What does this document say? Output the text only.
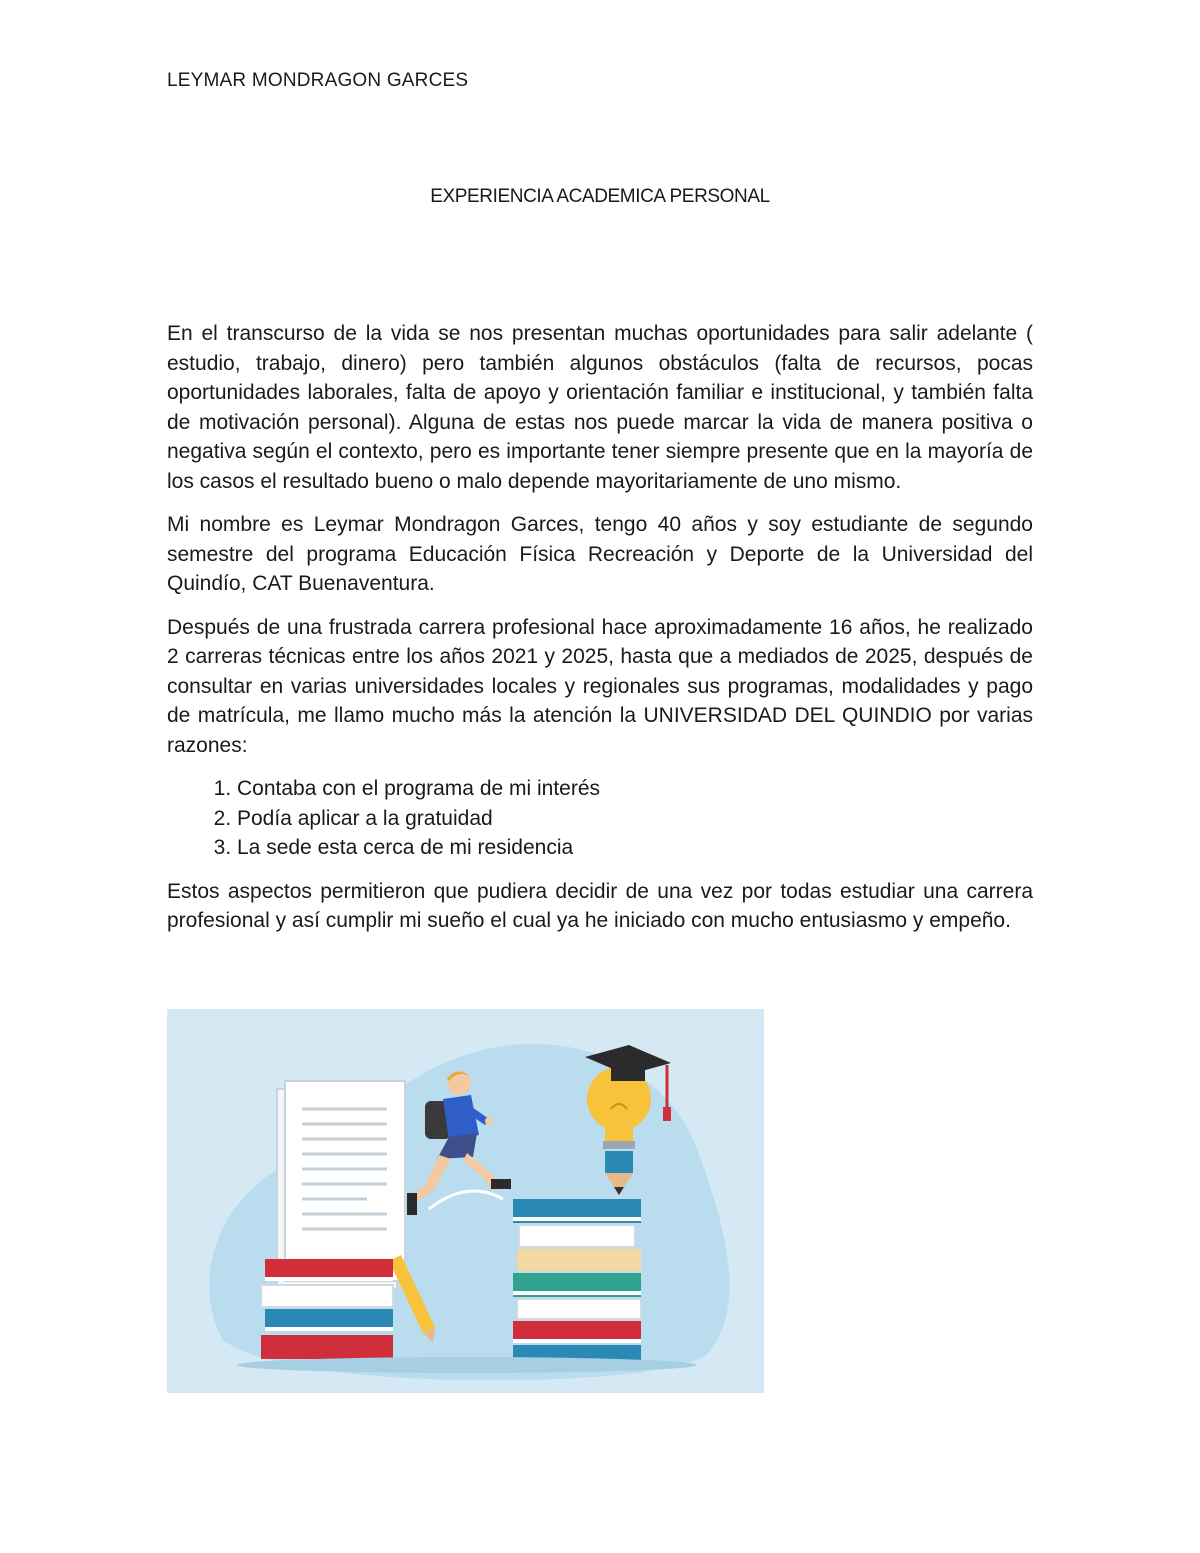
LEYMAR MONDRAGON GARCES
EXPERIENCIA ACADEMICA PERSONAL

En el transcurso de la vida se nos presentan muchas oportunidades para salir adelante ( estudio, trabajo, dinero) pero también algunos obstáculos (falta de recursos, pocas oportunidades laborales, falta de apoyo y orientación familiar e institucional, y también falta de motivación personal). Alguna de estas nos puede marcar la vida de manera positiva o negativa según el contexto, pero es importante tener siempre presente que en la mayoría de los casos el resultado bueno o malo depende mayoritariamente de uno mismo.

Mi nombre es Leymar Mondragon Garces, tengo 40 años y soy estudiante de segundo semestre del programa Educación Física Recreación y Deporte de la Universidad del Quindío, CAT Buenaventura.

Después de una frustrada carrera profesional hace aproximadamente 16 años, he realizado 2 carreras técnicas entre los años 2021 y 2025, hasta que a mediados de 2025, después de consultar en varias universidades locales y regionales sus programas, modalidades y pago de matrícula, me llamo mucho más la atención la UNIVERSIDAD DEL QUINDIO por varias razones:

1. Contaba con el programa de mi interés
2. Podía aplicar a la gratuidad
3. La sede esta cerca de mi residencia

Estos aspectos permitieron que pudiera decidir de una vez por todas estudiar una carrera profesional y así cumplir mi sueño el cual ya he iniciado con mucho entusiasmo y empeño.
